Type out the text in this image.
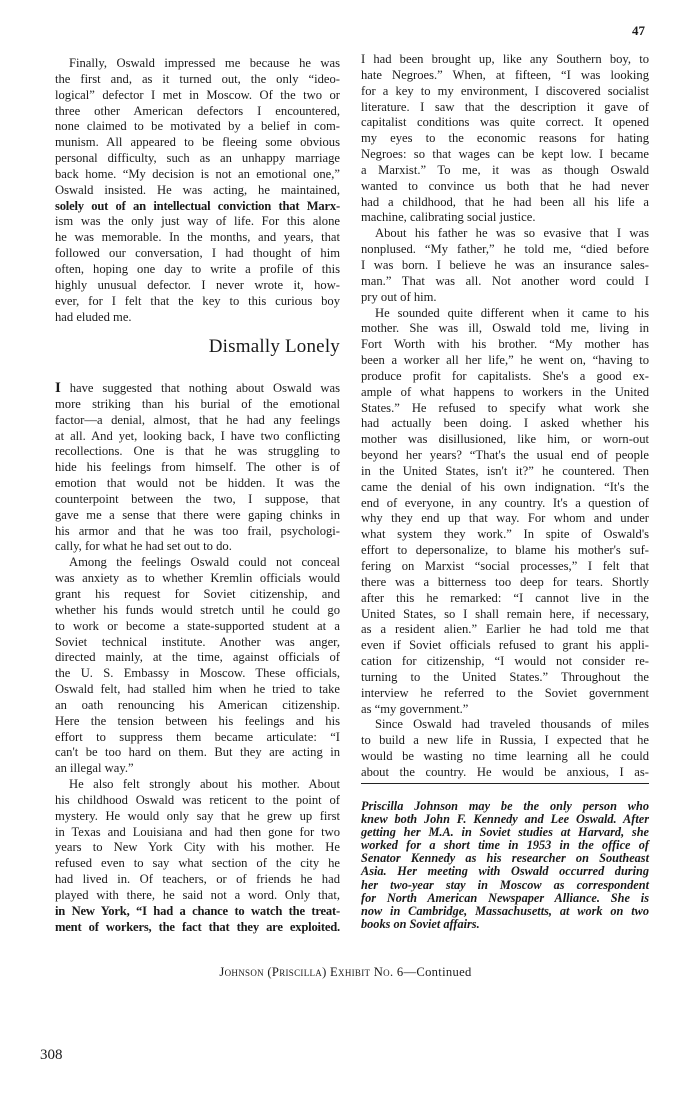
47
Finally, Oswald impressed me because he was
the first and, as it turned out, the only “ideo-
logical” defector I met in Moscow. Of the two or
three other American defectors I encountered,
none claimed to be motivated by a belief in com-
munism. All appeared to be fleeing some obvious
personal difficulty, such as an unhappy marriage
back home. “My decision is not an emotional one,”
Oswald insisted. He was acting, he maintained,
solely out of an intellectual conviction that Marx-
ism was the only just way of life. For this alone
he was memorable. In the months, and years, that
followed our conversation, I had thought of him
often, hoping one day to write a profile of this
highly unusual defector. I never wrote it, how-
ever, for I felt that the key to this curious boy
had eluded me.
Dismally Lonely
I have suggested that nothing about Oswald was
more striking than his burial of the emotional
factor—a denial, almost, that he had any feelings
at all. And yet, looking back, I have two conflicting
recollections. One is that he was struggling to
hide his feelings from himself. The other is of
emotion that would not be hidden. It was the
counterpoint between the two, I suppose, that
gave me a sense that there were gaping chinks in
his armor and that he was too frail, psychologi-
cally, for what he had set out to do.
Among the feelings Oswald could not conceal
was anxiety as to whether Kremlin officials would
grant his request for Soviet citizenship, and
whether his funds would stretch until he could go
to work or become a state-supported student at a
Soviet technical institute. Another was anger,
directed mainly, at the time, against officials of
the U. S. Embassy in Moscow. These officials,
Oswald felt, had stalled him when he tried to take
an oath renouncing his American citizenship.
Here the tension between his feelings and his
effort to suppress them became articulate: “I
can't be too hard on them. But they are acting in
an illegal way.”
He also felt strongly about his mother. About
his childhood Oswald was reticent to the point of
mystery. He would only say that he grew up first
in Texas and Louisiana and had then gone for two
years to New York City with his mother. He
refused even to say what section of the city he
had lived in. Of teachers, or of friends he had
played with there, he said not a word. Only that,
in New York, “I had a chance to watch the treat-
ment of workers, the fact that they are exploited.
I had been brought up, like any Southern boy, to
hate Negroes.” When, at fifteen, “I was looking
for a key to my environment, I discovered socialist
literature. I saw that the description it gave of
capitalist conditions was quite correct. It opened
my eyes to the economic reasons for hating
Negroes: so that wages can be kept low. I became
a Marxist.” To me, it was as though Oswald
wanted to convince us both that he had never
had a childhood, that he had been all his life a
machine, calibrating social justice.
About his father he was so evasive that I was
nonplused. “My father,” he told me, “died before
I was born. I believe he was an insurance sales-
man.” That was all. Not another word could I
pry out of him.
He sounded quite different when it came to his
mother. She was ill, Oswald told me, living in
Fort Worth with his brother. “My mother has
been a worker all her life,” he went on, “having to
produce profit for capitalists. She's a good ex-
ample of what happens to workers in the United
States.” He refused to specify what work she
had actually been doing. I asked whether his
mother was disillusioned, like him, or worn-out
beyond her years? “That's the usual end of people
in the United States, isn't it?” he countered. Then
came the denial of his own indignation. “It's the
end of everyone, in any country. It's a question of
why they end up that way. For whom and under
what system they work.” In spite of Oswald's
effort to depersonalize, to blame his mother's suf-
fering on Marxist “social processes,” I felt that
there was a bitterness too deep for tears. Shortly
after this he remarked: “I cannot live in the
United States, so I shall remain here, if necessary,
as a resident alien.” Earlier he had told me that
even if Soviet officials refused to grant his appli-
cation for citizenship, “I would not consider re-
turning to the United States.” Throughout the
interview he referred to the Soviet government
as “my government.”
Since Oswald had traveled thousands of miles
to build a new life in Russia, I expected that he
would be wasting no time learning all he could
about the country. He would be anxious, I as-
Priscilla Johnson may be the only person who
knew both John F. Kennedy and Lee Oswald. After
getting her M.A. in Soviet studies at Harvard, she
worked for a short time in 1953 in the office of
Senator Kennedy as his researcher on Southeast
Asia. Her meeting with Oswald occurred during
her two-year stay in Moscow as correspondent
for North American Newspaper Alliance. She is
now in Cambridge, Massachusetts, at work on two
books on Soviet affairs.
Johnson (Priscilla) Exhibit No. 6—Continued
308
